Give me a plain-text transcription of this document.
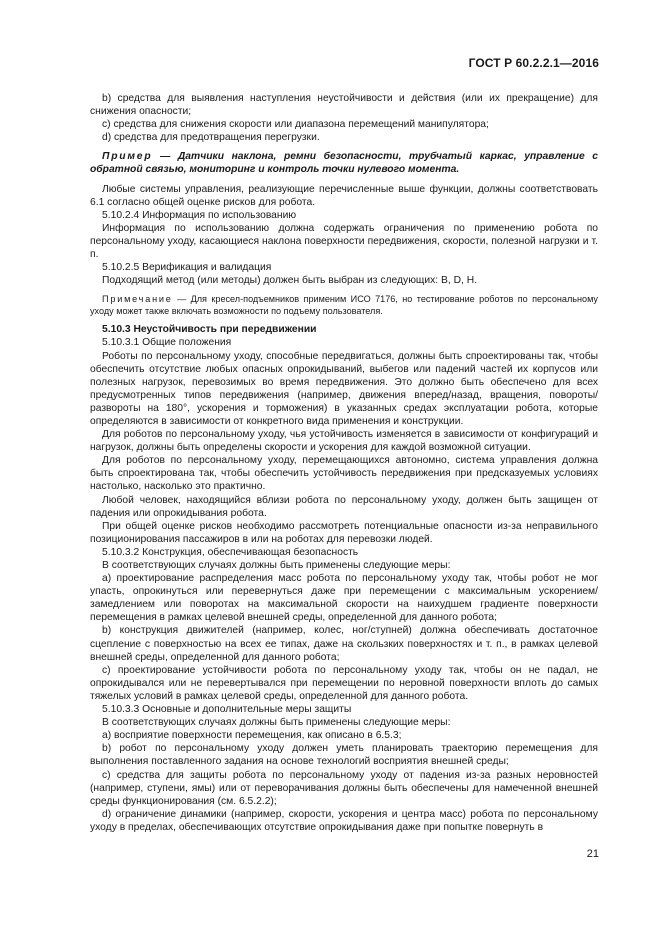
ГОСТ Р 60.2.2.1—2016

b) средства для выявления наступления неустойчивости и действия (или их прекращение) для снижения опасности;

c) средства для снижения скорости или диапазона перемещений манипулятора;

d) средства для предотвращения перегрузки.

Пример — Датчики наклона, ремни безопасности, трубчатый каркас, управление с обратной связью, мониторинг и контроль точки нулевого момента.

Любые системы управления, реализующие перечисленные выше функции, должны соответствовать 6.1 согласно общей оценке рисков для робота.

5.10.2.4 Информация по использованию

Информация по использованию должна содержать ограничения по применению робота по персональному уходу, касающиеся наклона поверхности передвижения, скорости, полезной нагрузки и т. п.

5.10.2.5 Верификация и валидация

Подходящий метод (или методы) должен быть выбран из следующих: B, D, H.

Примечание — Для кресел-подъемников применим ИСО 7176, но тестирование роботов по персональному уходу может также включать возможности по подъему пользователя.

5.10.3 Неустойчивость при передвижении

5.10.3.1 Общие положения

Роботы по персональному уходу, способные передвигаться, должны быть спроектированы так, чтобы обеспечить отсутствие любых опасных опрокидываний, выбегов или падений частей их корпусов или полезных нагрузок, перевозимых во время передвижения. Это должно быть обеспечено для всех предусмотренных типов передвижения (например, движения вперед/назад, вращения, повороты/развороты на 180°, ускорения и торможения) в указанных средах эксплуатации робота, которые определяются в зависимости от конкретного вида применения и конструкции.

Для роботов по персональному уходу, чья устойчивость изменяется в зависимости от конфигураций и нагрузок, должны быть определены скорости и ускорения для каждой возможной ситуации.

Для роботов по персональному уходу, перемещающихся автономно, система управления должна быть спроектирована так, чтобы обеспечить устойчивость передвижения при предсказуемых условиях настолько, насколько это практично.

Любой человек, находящийся вблизи робота по персональному уходу, должен быть защищен от падения или опрокидывания робота.

При общей оценке рисков необходимо рассмотреть потенциальные опасности из-за неправильного позиционирования пассажиров в или на роботах для перевозки людей.

5.10.3.2 Конструкция, обеспечивающая безопасность

В соответствующих случаях должны быть применены следующие меры:

a) проектирование распределения масс робота по персональному уходу так, чтобы робот не мог упасть, опрокинуться или перевернуться даже при перемещении с максимальным ускорением/замедлением или поворотах на максимальной скорости на наихудшем градиенте поверхности перемещения в рамках целевой внешней среды, определенной для данного робота;

b) конструкция движителей (например, колес, ног/ступней) должна обеспечивать достаточное сцепление с поверхностью на всех ее типах, даже на скользких поверхностях и т. п., в рамках целевой внешней среды, определенной для данного робота;

c) проектирование устойчивости робота по персональному уходу так, чтобы он не падал, не опрокидывался или не перевертывался при перемещении по неровной поверхности вплоть до самых тяжелых условий в рамках целевой среды, определенной для данного робота.

5.10.3.3 Основные и дополнительные меры защиты

В соответствующих случаях должны быть применены следующие меры:

a) восприятие поверхности перемещения, как описано в 6.5.3;

b) робот по персональному уходу должен уметь планировать траекторию перемещения для выполнения поставленного задания на основе технологий восприятия внешней среды;

c) средства для защиты робота по персональному уходу от падения из-за разных неровностей (например, ступени, ямы) или от переворачивания должны быть обеспечены для намеченной внешней среды функционирования (см. 6.5.2.2);

d) ограничение динамики (например, скорости, ускорения и центра масс) робота по персональному уходу в пределах, обеспечивающих отсутствие опрокидывания даже при попытке повернуть в

21
